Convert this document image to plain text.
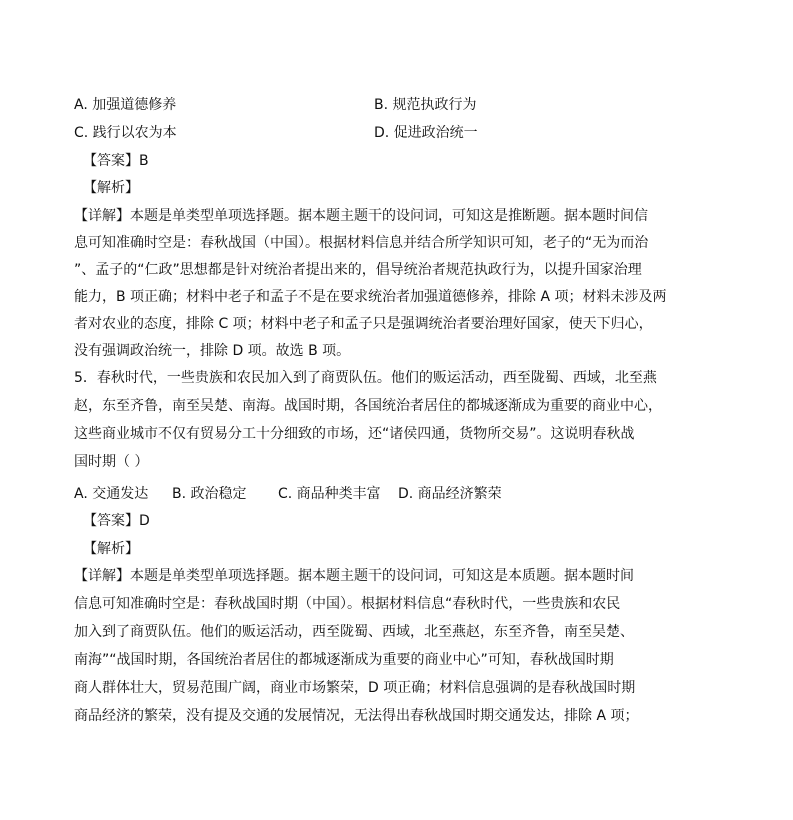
A. 加强道德修养	B. 规范执政行为
C. 践行以农为本	D. 促进政治统一
【答案】B
【解析】
【详解】本题是单类型单项选择题。据本题主题干的设问词，可知这是推断题。据本题时间信
息可知准确时空是：春秋战国（中国）。根据材料信息并结合所学知识可知，老子的“无为而治
”、孟子的“仁政”思想都是针对统治者提出来的，倡导统治者规范执政行为，以提升国家治理
能力，B 项正确；材料中老子和孟子不是在要求统治者加强道德修养，排除 A 项；材料未涉及两
者对农业的态度，排除 C 项；材料中老子和孟子只是强调统治者要治理好国家，使天下归心，
没有强调政治统一，排除 D 项。故选 B 项。
5．春秋时代，一些贵族和农民加入到了商贾队伍。他们的贩运活动，西至陇蜀、西域，北至燕
赵，东至齐鲁，南至吴楚、南海。战国时期，各国统治者居住的都城逐渐成为重要的商业中心，
这些商业城市不仅有贸易分工十分细致的市场，还“诸侯四通，货物所交易”。这说明春秋战
国时期（ ）
A. 交通发达 B. 政治稳定 C. 商品种类丰富 D. 商品经济繁荣
【答案】D
【解析】
【详解】本题是单类型单项选择题。据本题主题干的设问词，可知这是本质题。据本题时间
信息可知准确时空是：春秋战国时期（中国）。根据材料信息“春秋时代，一些贵族和农民
加入到了商贾队伍。他们的贩运活动，西至陇蜀、西域，北至燕赵，东至齐鲁，南至吴楚、
南海”“战国时期，各国统治者居住的都城逐渐成为重要的商业中心”可知，春秋战国时期
商人群体壮大，贸易范围广阔，商业市场繁荣，D 项正确；材料信息强调的是春秋战国时期
商品经济的繁荣，没有提及交通的发展情况，无法得出春秋战国时期交通发达，排除 A 项；
